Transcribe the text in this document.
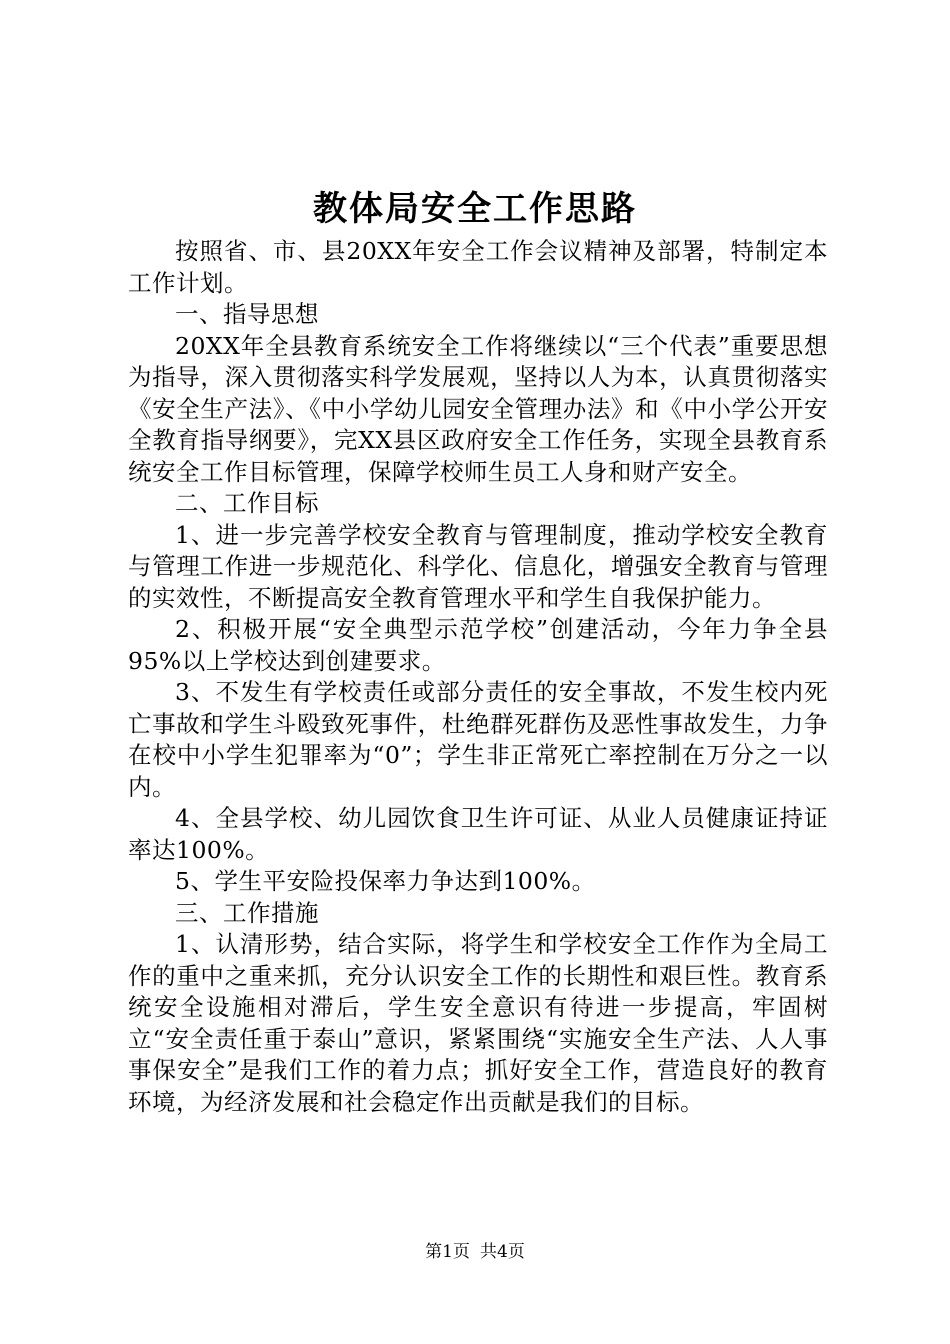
教体局安全工作思路

按照省、市、县20XX年安全工作会议精神及部署，特制定本工作计划。

一、指导思想

20XX年全县教育系统安全工作将继续以“三个代表”重要思想为指导，深入贯彻落实科学发展观，坚持以人为本，认真贯彻落实《安全生产法》、《中小学幼儿园安全管理办法》和《中小学公开安全教育指导纲要》，完XX县区政府安全工作任务，实现全县教育系统安全工作目标管理，保障学校师生员工人身和财产安全。

二、工作目标

1、进一步完善学校安全教育与管理制度，推动学校安全教育与管理工作进一步规范化、科学化、信息化，增强安全教育与管理的实效性，不断提高安全教育管理水平和学生自我保护能力。

2、积极开展“安全典型示范学校”创建活动，今年力争全县95%以上学校达到创建要求。

3、不发生有学校责任或部分责任的安全事故，不发生校内死亡事故和学生斗殴致死事件，杜绝群死群伤及恶性事故发生，力争在校中小学生犯罪率为“0”；学生非正常死亡率控制在万分之一以内。

4、全县学校、幼儿园饮食卫生许可证、从业人员健康证持证率达100%。

5、学生平安险投保率力争达到100%。

三、工作措施

1、认清形势，结合实际，将学生和学校安全工作作为全局工作的重中之重来抓，充分认识安全工作的长期性和艰巨性。教育系统安全设施相对滞后，学生安全意识有待进一步提高，牢固树立“安全责任重于泰山”意识，紧紧围绕“实施安全生产法、人人事事保安全”是我们工作的着力点；抓好安全工作，营造良好的教育环境，为经济发展和社会稳定作出贡献是我们的目标。

第1页 共4页
